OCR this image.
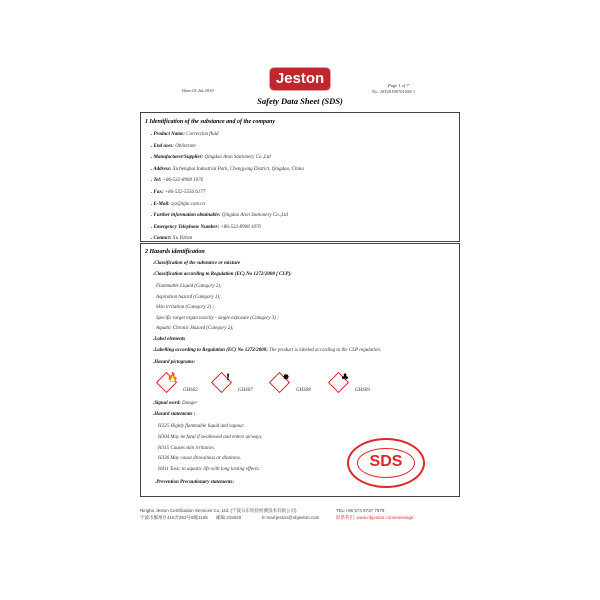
Jeston
Date:01.Jul.2019
Page 1 of 7
No.:JST2019070105S-1
Safety Data Sheet (SDS)
1 Identification of the substance and of the company
. Product Name: Correction fluid
. End uses: Obliterate
. Manufacturer/Supplier: Qingdao Aton Stationery Co.,Ltd
. Address: Xichenghai Industrial Park, Chengyang District, Qingdao, China
. Tel: +86-532-8908 1076
. Fax: +86-532-5556 6177
. E-Mail: zyz@tgle.com.cn
. Further information obtainable: Qingdao Aton Stationery Co.,Ltd
. Emergency Telephone Number: +86-532-8908 1076
. Contact: Xu Yizhen
2 Hazards identification
.Classification of the substance or mixture
.Classification according to Regulation (EC) No 1272/2008 [ CLP]:
Flammable Liquid (Category 2);
Aspiration hazard (Category 1);
Skin irritation (Category 2) ;
Specific target organ toxicity - single exposure (Category 3) ;
Aquatic Chronic Hazard (Category 2);
.Label elements
.Labelling according to Regulation (EC) No 1272/2008: The product is labeled according to the CLP regulation.
.Hazard pictograms:
🔥
GHS02
!
GHS07
✸
GHS08
♣
GHS09
.Signal word: Danger
.Hazard statements :
H225 Highly flammable liquid and vapour.
H304 May be fatal if swallowed and enters airways.
H315 Causes skin irritation.
H336 May cause drowsiness or dizziness.
H411 Toxic to aquatic life with long lasting effects.
.Prevention Precautionary statements:
SDS
Ningbo Jeston Certification Services Co.,Ltd. (宁波日东检验检测技术有限公司)	TEL:+86 574 8737 7979
宁波市鄞州区416弄262号6幢1105 邮编:315040	E-mail:jeston@nbjeston.com	联系我们: www.nbjeston.com/message
